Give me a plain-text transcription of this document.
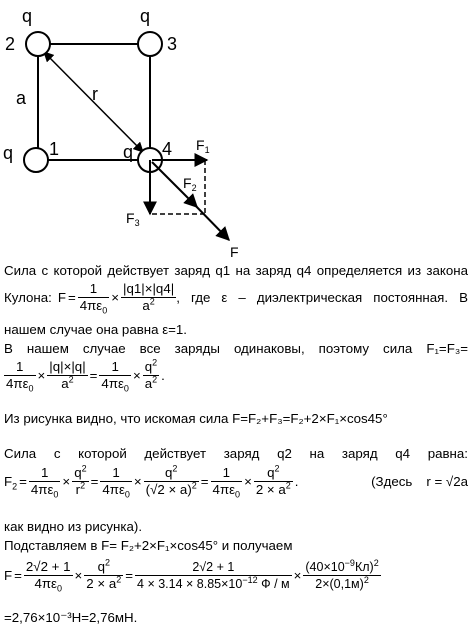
q	q
q	q
2	3
1	4
a	r
$F_1$
$F_2$
$F_3$
F
Сила с которой действует заряд q1 на заряд q4 определяется из закона
Кулона: $F = \frac{1}{4\pi\varepsilon_0} \times \frac{|q1|\times|q4|}{a^2}$ , где ε – диэлектрическая постоянная. В
нашем случае она равна ε=1.
В нашем случае все заряды одинаковы, поэтому сила F₁=F₃=
$\frac{1}{4\pi\varepsilon_0} \times \frac{|q|\times|q|}{a^2} = \frac{1}{4\pi\varepsilon_0} \times \frac{q^2}{a^2}$ .
Из рисунка видно, что искомая сила F=F₂+F₃=F₂+2×F₁×cos45°
Сила с которой действует заряд q2 на заряд q4 равна:
$F_2 = \frac{1}{4\pi\varepsilon_0} \times \frac{q^2}{r^2} = \frac{1}{4\pi\varepsilon_0} \times \frac{q^2}{(√2 \times a)^2} = \frac{1}{4\pi\varepsilon_0} \times \frac{q^2}{2 \times a^2}$ .	(Здесь	r = √2a
как видно из рисунка).
Подставляем в F= F₂+2×F₁×cos45° и получаем
$F = \frac{2√2 + 1}{4\pi\varepsilon_0} \times \frac{q^2}{2 \times a^2} = \frac{2√2 + 1}{4 \times 3.14 \times 8.85\times 10^{-12} Ф / м} \times \frac{(40\times 10^{-9}Кл)^2}{2\times(0,1м)^2}$
=2,76×10⁻³Н=2,76мН.
